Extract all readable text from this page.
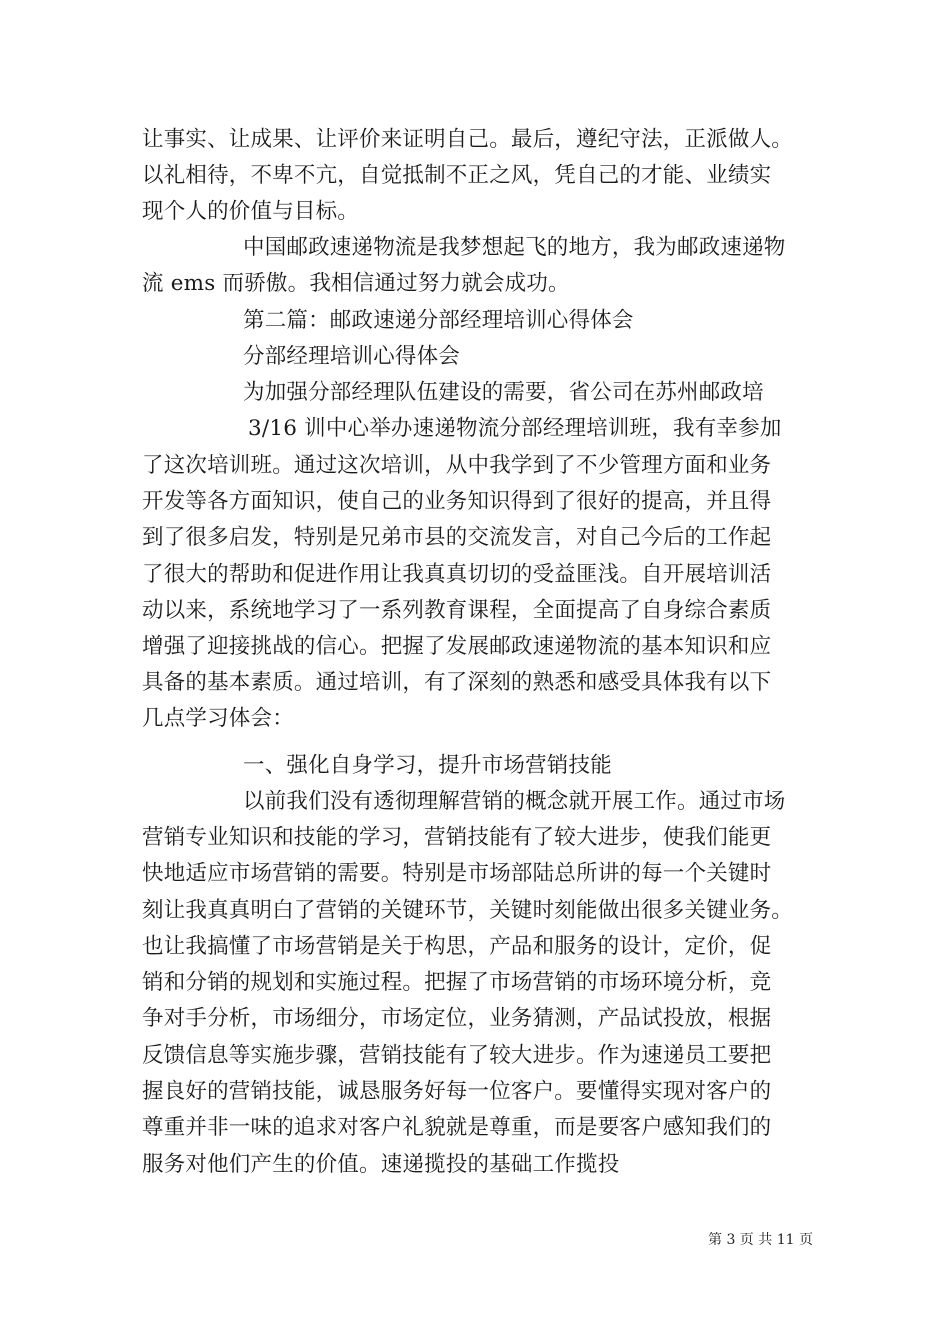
让事实、让成果、让评价来证明自己。最后，遵纪守法，正派做人。
以礼相待，不卑不亢，自觉抵制不正之风，凭自己的才能、业绩实
现个人的价值与目标。
中国邮政速递物流是我梦想起飞的地方，我为邮政速递物
流 ems 而骄傲。我相信通过努力就会成功。
第二篇：邮政速递分部经理培训心得体会
分部经理培训心得体会
为加强分部经理队伍建设的需要，省公司在苏州邮政培
3/16 训中心举办速递物流分部经理培训班，我有幸参加
了这次培训班。通过这次培训，从中我学到了不少管理方面和业务
开发等各方面知识，使自己的业务知识得到了很好的提高，并且得
到了很多启发，特别是兄弟市县的交流发言，对自己今后的工作起
了很大的帮助和促进作用让我真真切切的受益匪浅。自开展培训活
动以来，系统地学习了一系列教育课程，全面提高了自身综合素质
增强了迎接挑战的信心。把握了发展邮政速递物流的基本知识和应
具备的基本素质。通过培训，有了深刻的熟悉和感受具体我有以下
几点学习体会：
一、强化自身学习，提升市场营销技能
以前我们没有透彻理解营销的概念就开展工作。通过市场
营销专业知识和技能的学习，营销技能有了较大进步，使我们能更
快地适应市场营销的需要。特别是市场部陆总所讲的每一个关键时
刻让我真真明白了营销的关键环节，关键时刻能做出很多关键业务。
也让我搞懂了市场营销是关于构思，产品和服务的设计，定价，促
销和分销的规划和实施过程。把握了市场营销的市场环境分析，竞
争对手分析，市场细分，市场定位，业务猜测，产品试投放，根据
反馈信息等实施步骤，营销技能有了较大进步。作为速递员工要把
握良好的营销技能，诚恳服务好每一位客户。要懂得实现对客户的
尊重并非一味的追求对客户礼貌就是尊重，而是要客户感知我们的
服务对他们产生的价值。速递揽投的基础工作揽投
第 3 页 共 11 页
